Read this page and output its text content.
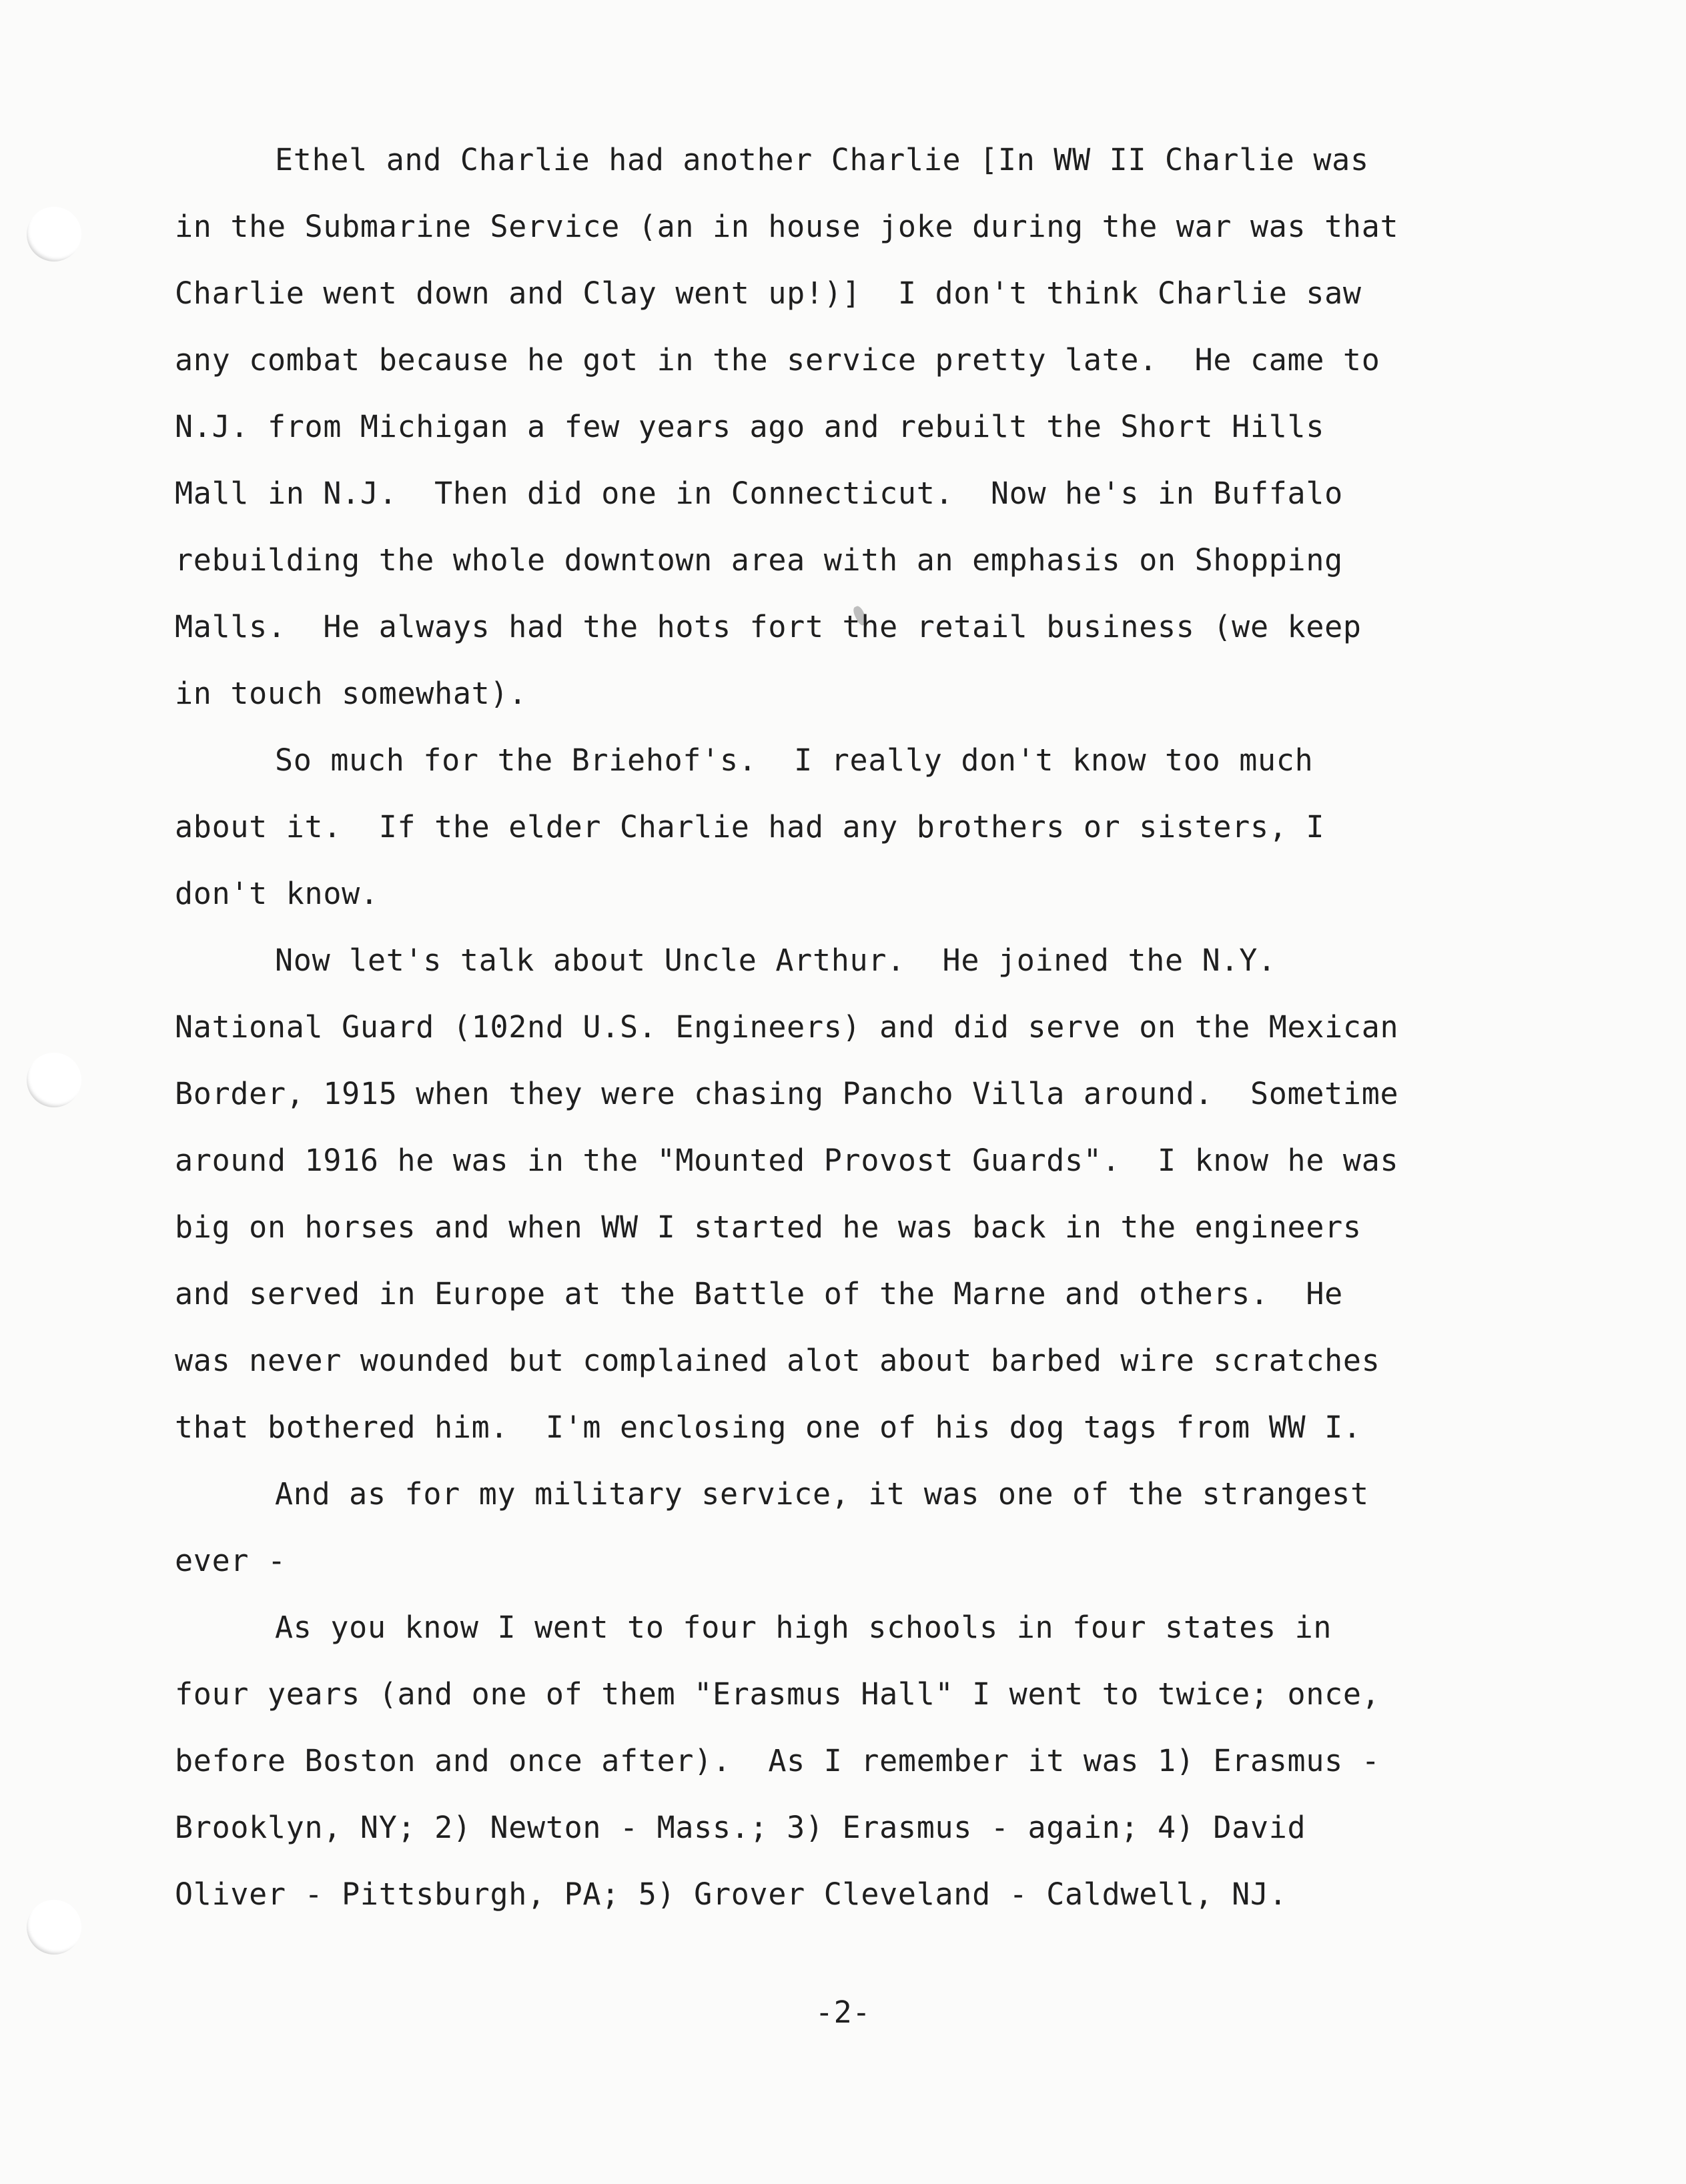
Ethel and Charlie had another Charlie [In WW II Charlie was
in the Submarine Service (an in house joke during the war was that
Charlie went down and Clay went up!)]  I don't think Charlie saw
any combat because he got in the service pretty late.  He came to
N.J. from Michigan a few years ago and rebuilt the Short Hills
Mall in N.J.  Then did one in Connecticut.  Now he's in Buffalo
rebuilding the whole downtown area with an emphasis on Shopping
Malls.  He always had the hots fort the retail business (we keep
in touch somewhat).
So much for the Briehof's.  I really don't know too much
about it.  If the elder Charlie had any brothers or sisters, I
don't know.
Now let's talk about Uncle Arthur.  He joined the N.Y.
National Guard (102nd U.S. Engineers) and did serve on the Mexican
Border, 1915 when they were chasing Pancho Villa around.  Sometime
around 1916 he was in the "Mounted Provost Guards".  I know he was
big on horses and when WW I started he was back in the engineers
and served in Europe at the Battle of the Marne and others.  He
was never wounded but complained alot about barbed wire scratches
that bothered him.  I'm enclosing one of his dog tags from WW I.
And as for my military service, it was one of the strangest
ever -
As you know I went to four high schools in four states in
four years (and one of them "Erasmus Hall" I went to twice; once,
before Boston and once after).  As I remember it was 1) Erasmus -
Brooklyn, NY; 2) Newton - Mass.; 3) Erasmus - again; 4) David
Oliver - Pittsburgh, PA; 5) Grover Cleveland - Caldwell, NJ.
-2-
